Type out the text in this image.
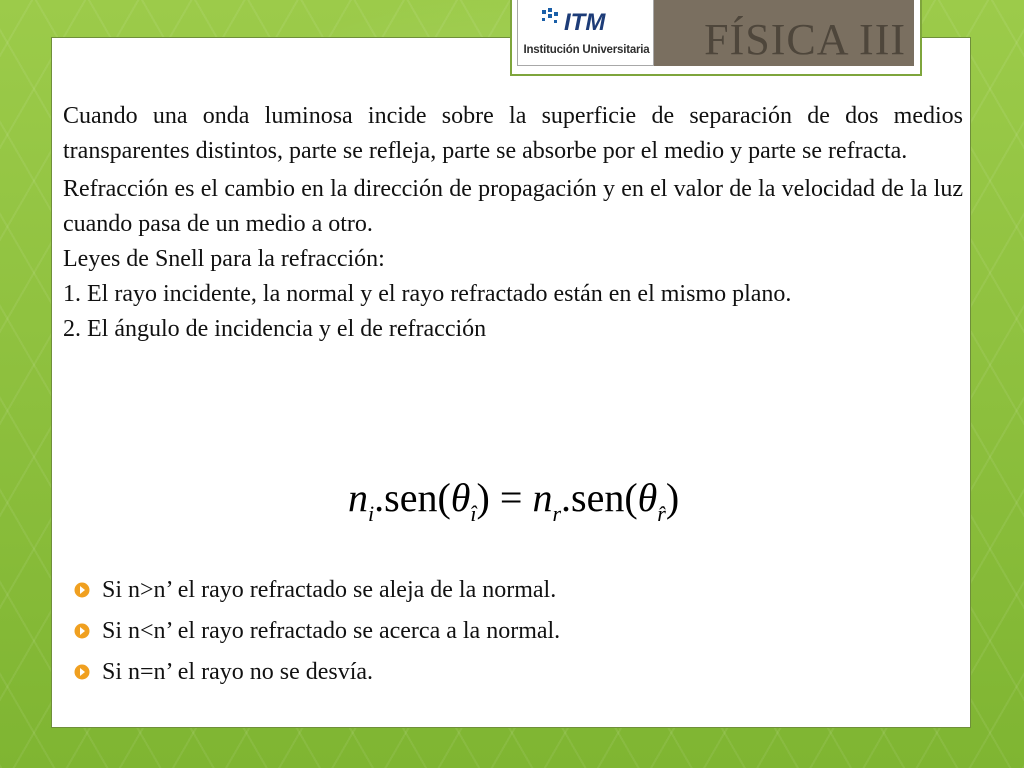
ITM
Institución Universitaria FÍSICA III

Cuando una onda luminosa incide sobre la superficie de separación de dos medios transparentes distintos, parte se refleja, parte se absorbe por el medio y parte se refracta.

Refracción es el cambio en la dirección de propagación y en el valor de la velocidad de la luz cuando pasa de un medio a otro.

Leyes de Snell para la refracción:

1. El rayo incidente, la normal y el rayo refractado están en el mismo plano.

2. El ángulo de incidencia y el de refracción

$n_i.sen(\theta_î) = n_r.sen(\theta_{r̂})$
Si n>n’ el rayo refractado se aleja de la normal.
Si n<n’ el rayo refractado se acerca a la normal.
Si n=n’ el rayo no se desvía.
